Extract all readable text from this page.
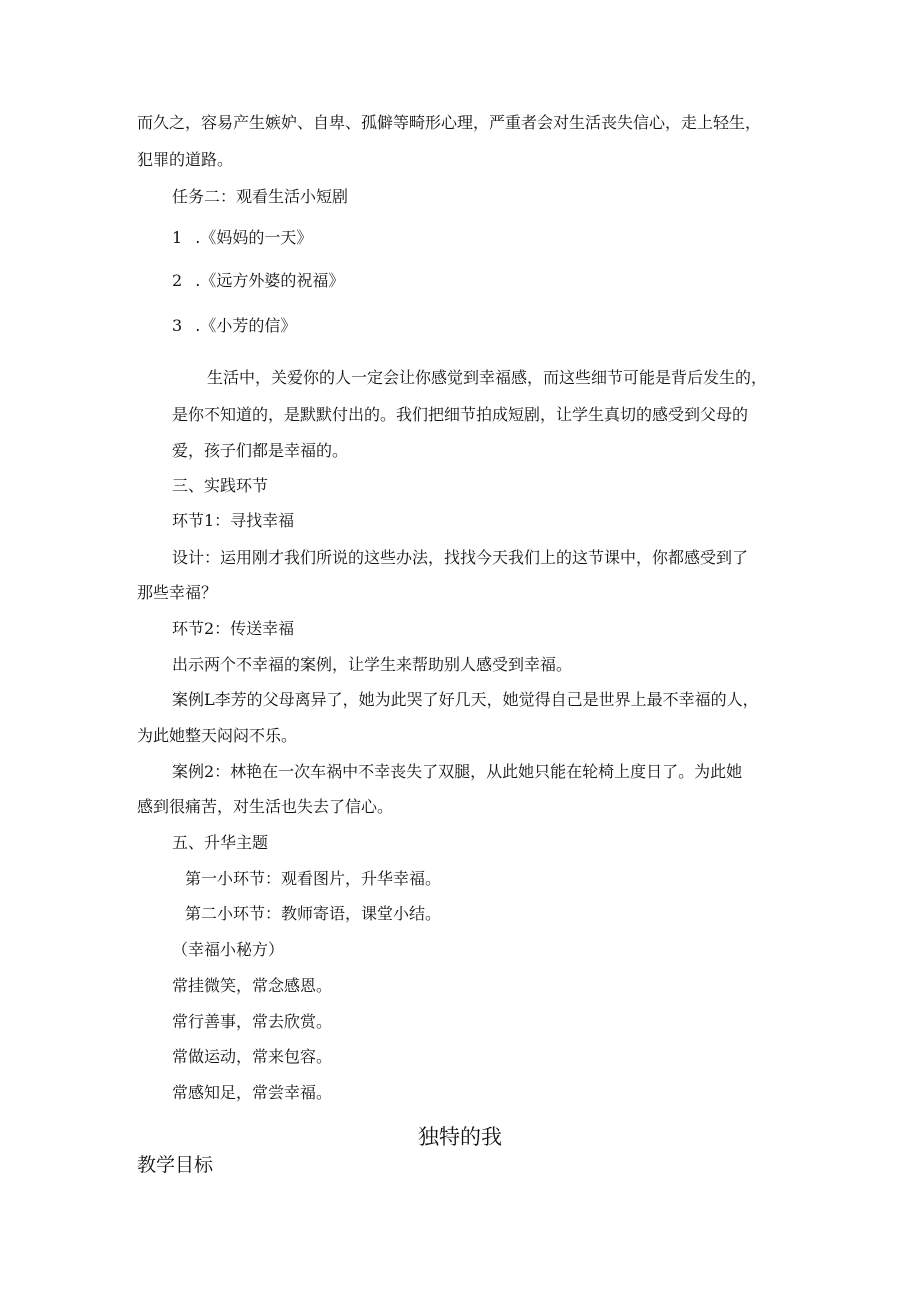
而久之，容易产生嫉妒、自卑、孤僻等畸形心理，严重者会对生活丧失信心，走上轻生，
犯罪的道路。
任务二：观看生活小短剧
1 .《妈妈的一天》
2 .《远方外婆的祝福》
3 .《小芳的信》
生活中，关爱你的人一定会让你感觉到幸福感，而这些细节可能是背后发生的，
是你不知道的，是默默付出的。我们把细节拍成短剧，让学生真切的感受到父母的
爱，孩子们都是幸福的。
三、实践环节
环节1：寻找幸福
设计：运用刚才我们所说的这些办法，找找今天我们上的这节课中，你都感受到了
那些幸福？
环节2：传送幸福
出示两个不幸福的案例，让学生来帮助别人感受到幸福。
案例L李芳的父母离异了，她为此哭了好几天，她觉得自己是世界上最不幸福的人，
为此她整天闷闷不乐。
案例2：林艳在一次车祸中不幸丧失了双腿，从此她只能在轮椅上度日了。为此她
感到很痛苦，对生活也失去了信心。
五、升华主题
第一小环节：观看图片，升华幸福。
第二小环节：教师寄语，课堂小结。
（幸福小秘方）
常挂微笑，常念感恩。
常行善事，常去欣赏。
常做运动，常来包容。
常感知足，常尝幸福。
独特的我
教学目标
